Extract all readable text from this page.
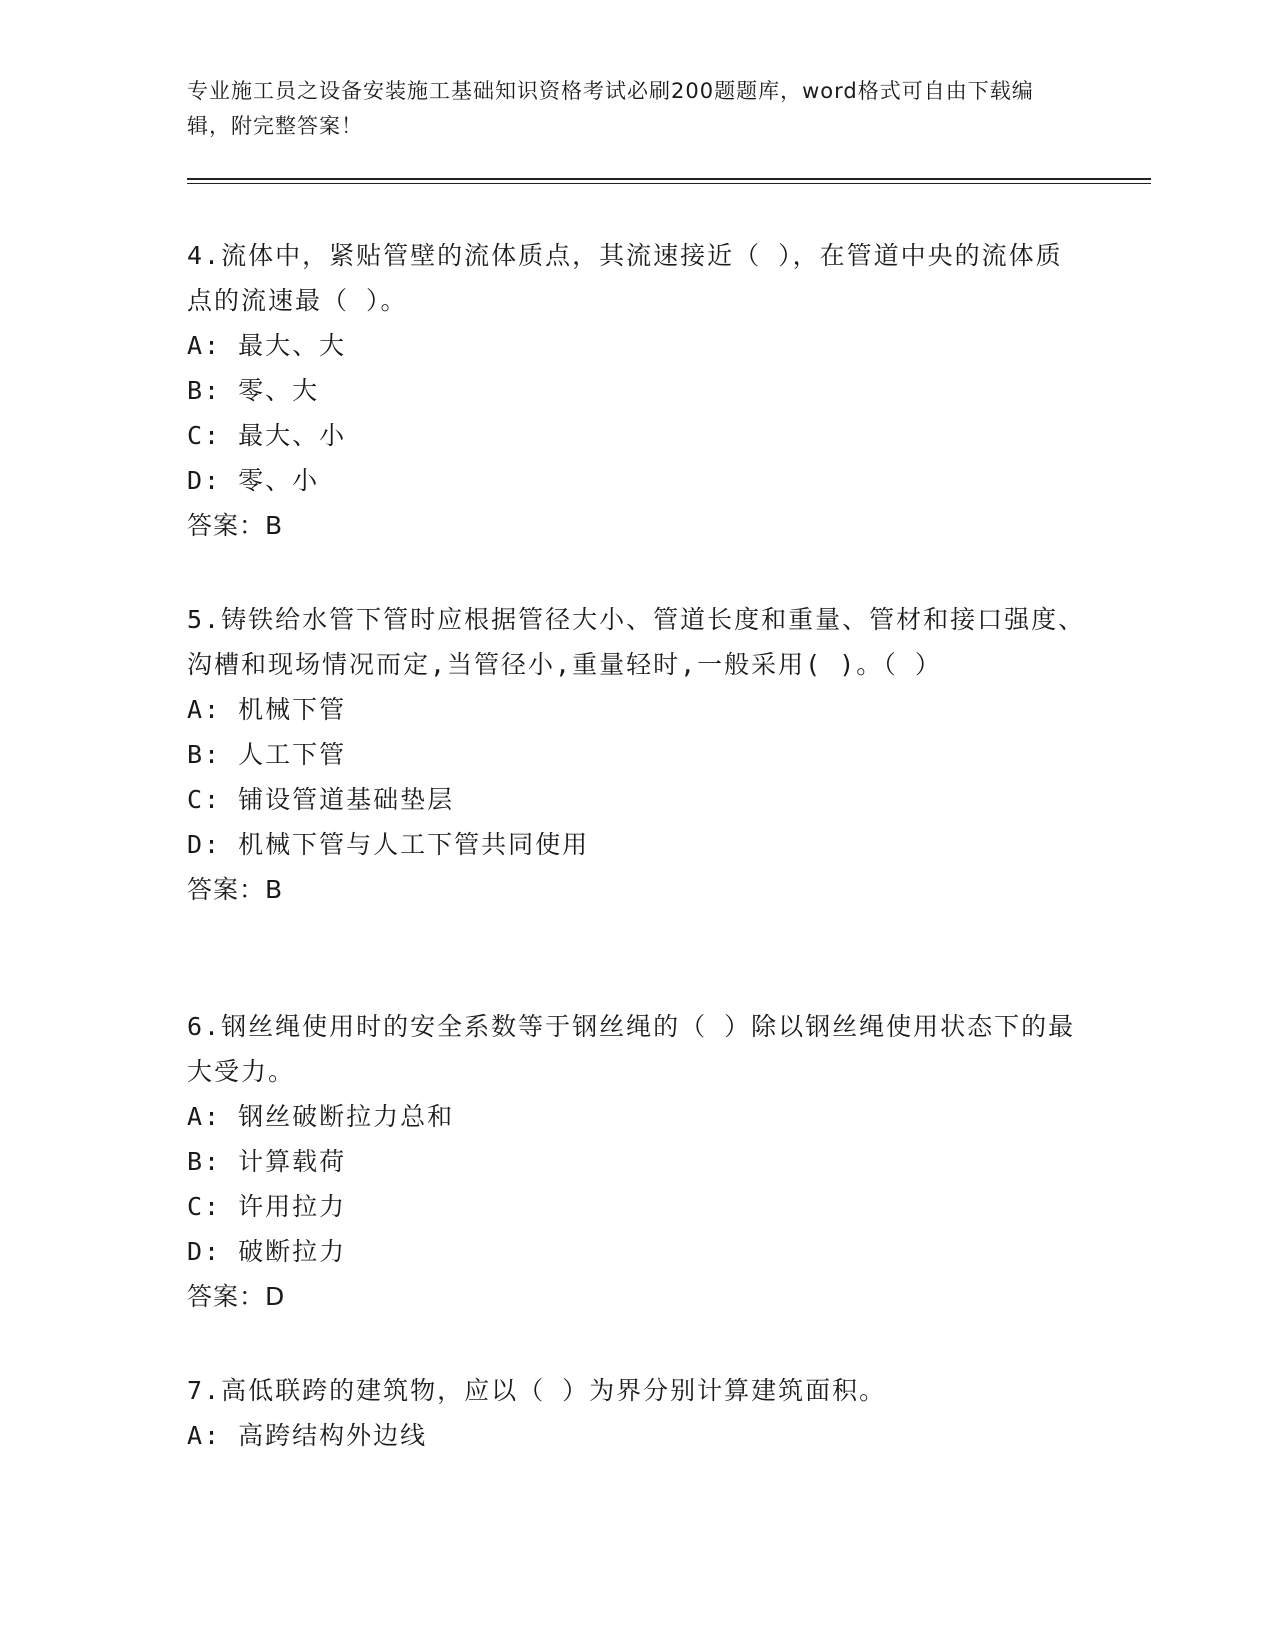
专业施工员之设备安装施工基础知识资格考试必刷200题题库，word格式可自由下载编辑，附完整答案！
4.流体中，紧贴管壁的流体质点，其流速接近（ ），在管道中央的流体质点的流速最（ ）。
A: 最大、大
B: 零、大
C: 最大、小
D: 零、小
答案：B
5.铸铁给水管下管时应根据管径大小、管道长度和重量、管材和接口强度、沟槽和现场情况而定,当管径小,重量轻时,一般采用( )。（ ）
A: 机械下管
B: 人工下管
C: 铺设管道基础垫层
D: 机械下管与人工下管共同使用
答案：B
6.钢丝绳使用时的安全系数等于钢丝绳的（ ）除以钢丝绳使用状态下的最大受力。
A: 钢丝破断拉力总和
B: 计算载荷
C: 许用拉力
D: 破断拉力
答案：D
7.高低联跨的建筑物，应以（ ）为界分别计算建筑面积。
A: 高跨结构外边线
